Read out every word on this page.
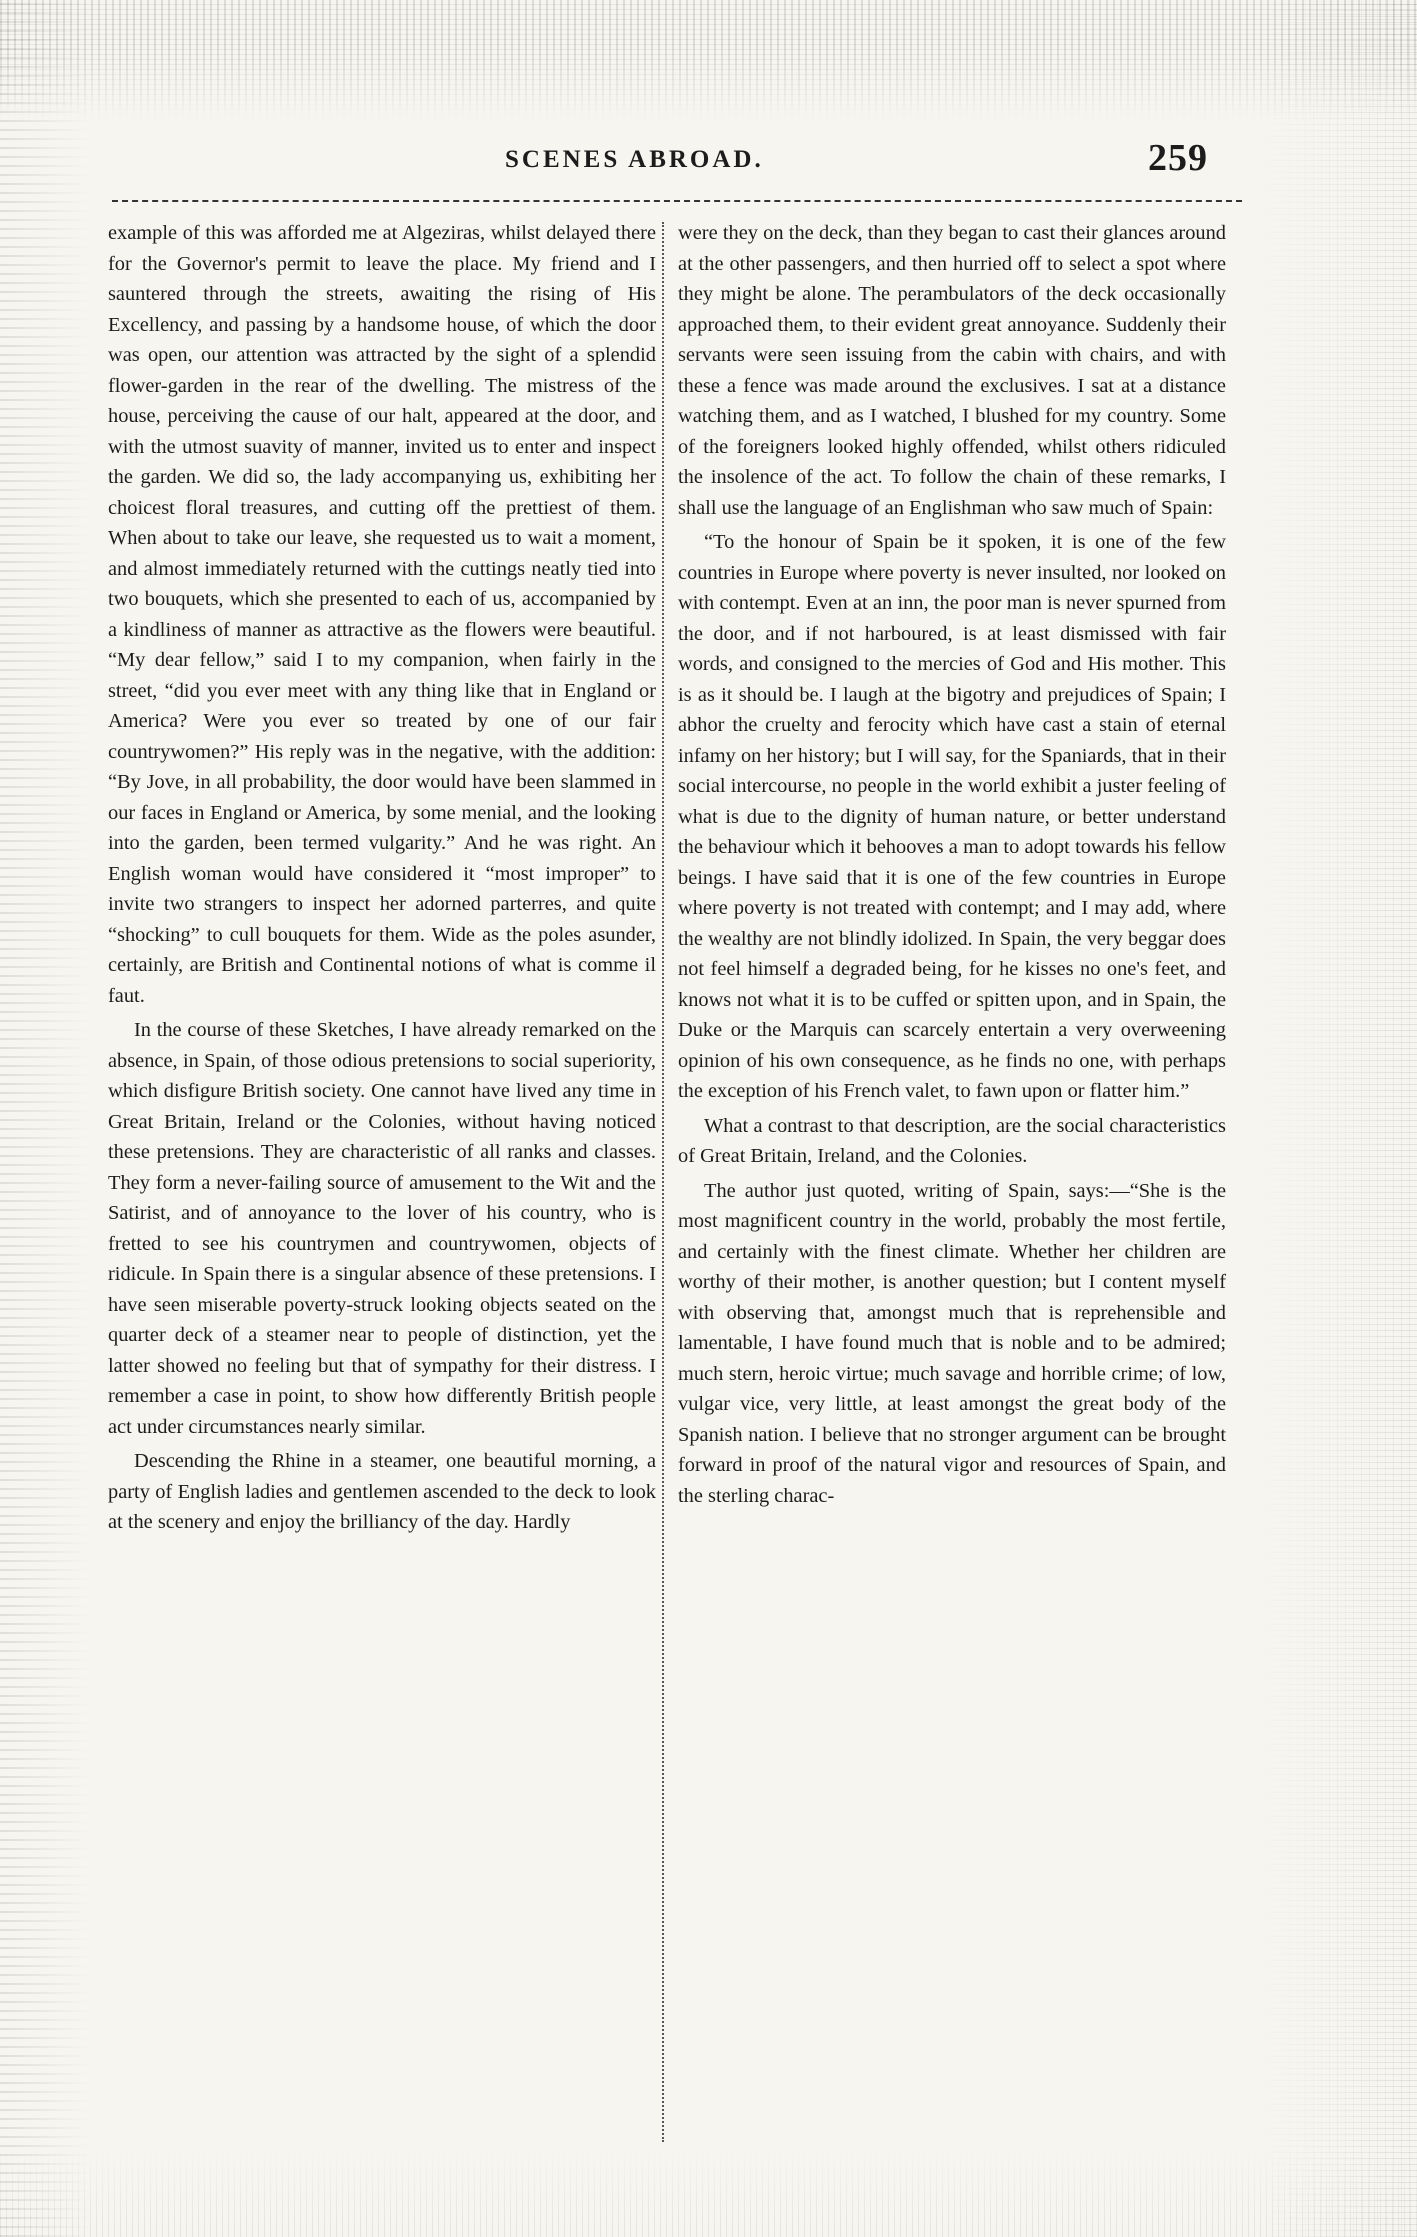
SCENES ABROAD.	259

example of this was afforded me at Algeziras, whilst delayed there for the Governor's permit to leave the place. My friend and I sauntered through the streets, awaiting the rising of His Excellency, and passing by a handsome house, of which the door was open, our attention was attracted by the sight of a splendid flower-garden in the rear of the dwelling. The mistress of the house, perceiving the cause of our halt, appeared at the door, and with the utmost suavity of manner, invited us to enter and inspect the garden. We did so, the lady accompanying us, exhibiting her choicest floral treasures, and cutting off the prettiest of them. When about to take our leave, she requested us to wait a moment, and almost immediately returned with the cuttings neatly tied into two bouquets, which she presented to each of us, accompanied by a kindliness of manner as attractive as the flowers were beautiful. “My dear fellow,” said I to my companion, when fairly in the street, “did you ever meet with any thing like that in England or America? Were you ever so treated by one of our fair countrywomen?” His reply was in the negative, with the addition: “By Jove, in all probability, the door would have been slammed in our faces in England or America, by some menial, and the looking into the garden, been termed vulgarity.” And he was right. An English woman would have considered it “most improper” to invite two strangers to inspect her adorned parterres, and quite “shocking” to cull bouquets for them. Wide as the poles asunder, certainly, are British and Continental notions of what is comme il faut.

In the course of these Sketches, I have already remarked on the absence, in Spain, of those odious pretensions to social superiority, which disfigure British society. One cannot have lived any time in Great Britain, Ireland or the Colonies, without having noticed these pretensions. They are characteristic of all ranks and classes. They form a never-failing source of amusement to the Wit and the Satirist, and of annoyance to the lover of his country, who is fretted to see his countrymen and countrywomen, objects of ridicule. In Spain there is a singular absence of these pretensions. I have seen miserable poverty-struck looking objects seated on the quarter deck of a steamer near to people of distinction, yet the latter showed no feeling but that of sympathy for their distress. I remember a case in point, to show how differently British people act under circumstances nearly similar.

Descending the Rhine in a steamer, one beautiful morning, a party of English ladies and gentlemen ascended to the deck to look at the scenery and enjoy the brilliancy of the day. Hardly

were they on the deck, than they began to cast their glances around at the other passengers, and then hurried off to select a spot where they might be alone. The perambulators of the deck occasionally approached them, to their evident great annoyance. Suddenly their servants were seen issuing from the cabin with chairs, and with these a fence was made around the exclusives. I sat at a distance watching them, and as I watched, I blushed for my country. Some of the foreigners looked highly offended, whilst others ridiculed the insolence of the act. To follow the chain of these remarks, I shall use the language of an Englishman who saw much of Spain:

“To the honour of Spain be it spoken, it is one of the few countries in Europe where poverty is never insulted, nor looked on with contempt. Even at an inn, the poor man is never spurned from the door, and if not harboured, is at least dismissed with fair words, and consigned to the mercies of God and His mother. This is as it should be. I laugh at the bigotry and prejudices of Spain; I abhor the cruelty and ferocity which have cast a stain of eternal infamy on her history; but I will say, for the Spaniards, that in their social intercourse, no people in the world exhibit a juster feeling of what is due to the dignity of human nature, or better understand the behaviour which it behooves a man to adopt towards his fellow beings. I have said that it is one of the few countries in Europe where poverty is not treated with contempt; and I may add, where the wealthy are not blindly idolized. In Spain, the very beggar does not feel himself a degraded being, for he kisses no one's feet, and knows not what it is to be cuffed or spitten upon, and in Spain, the Duke or the Marquis can scarcely entertain a very overweening opinion of his own consequence, as he finds no one, with perhaps the exception of his French valet, to fawn upon or flatter him.”

What a contrast to that description, are the social characteristics of Great Britain, Ireland, and the Colonies.

The author just quoted, writing of Spain, says:—“She is the most magnificent country in the world, probably the most fertile, and certainly with the finest climate. Whether her children are worthy of their mother, is another question; but I content myself with observing that, amongst much that is reprehensible and lamentable, I have found much that is noble and to be admired; much stern, heroic virtue; much savage and horrible crime; of low, vulgar vice, very little, at least amongst the great body of the Spanish nation. I believe that no stronger argument can be brought forward in proof of the natural vigor and resources of Spain, and the sterling charac-
